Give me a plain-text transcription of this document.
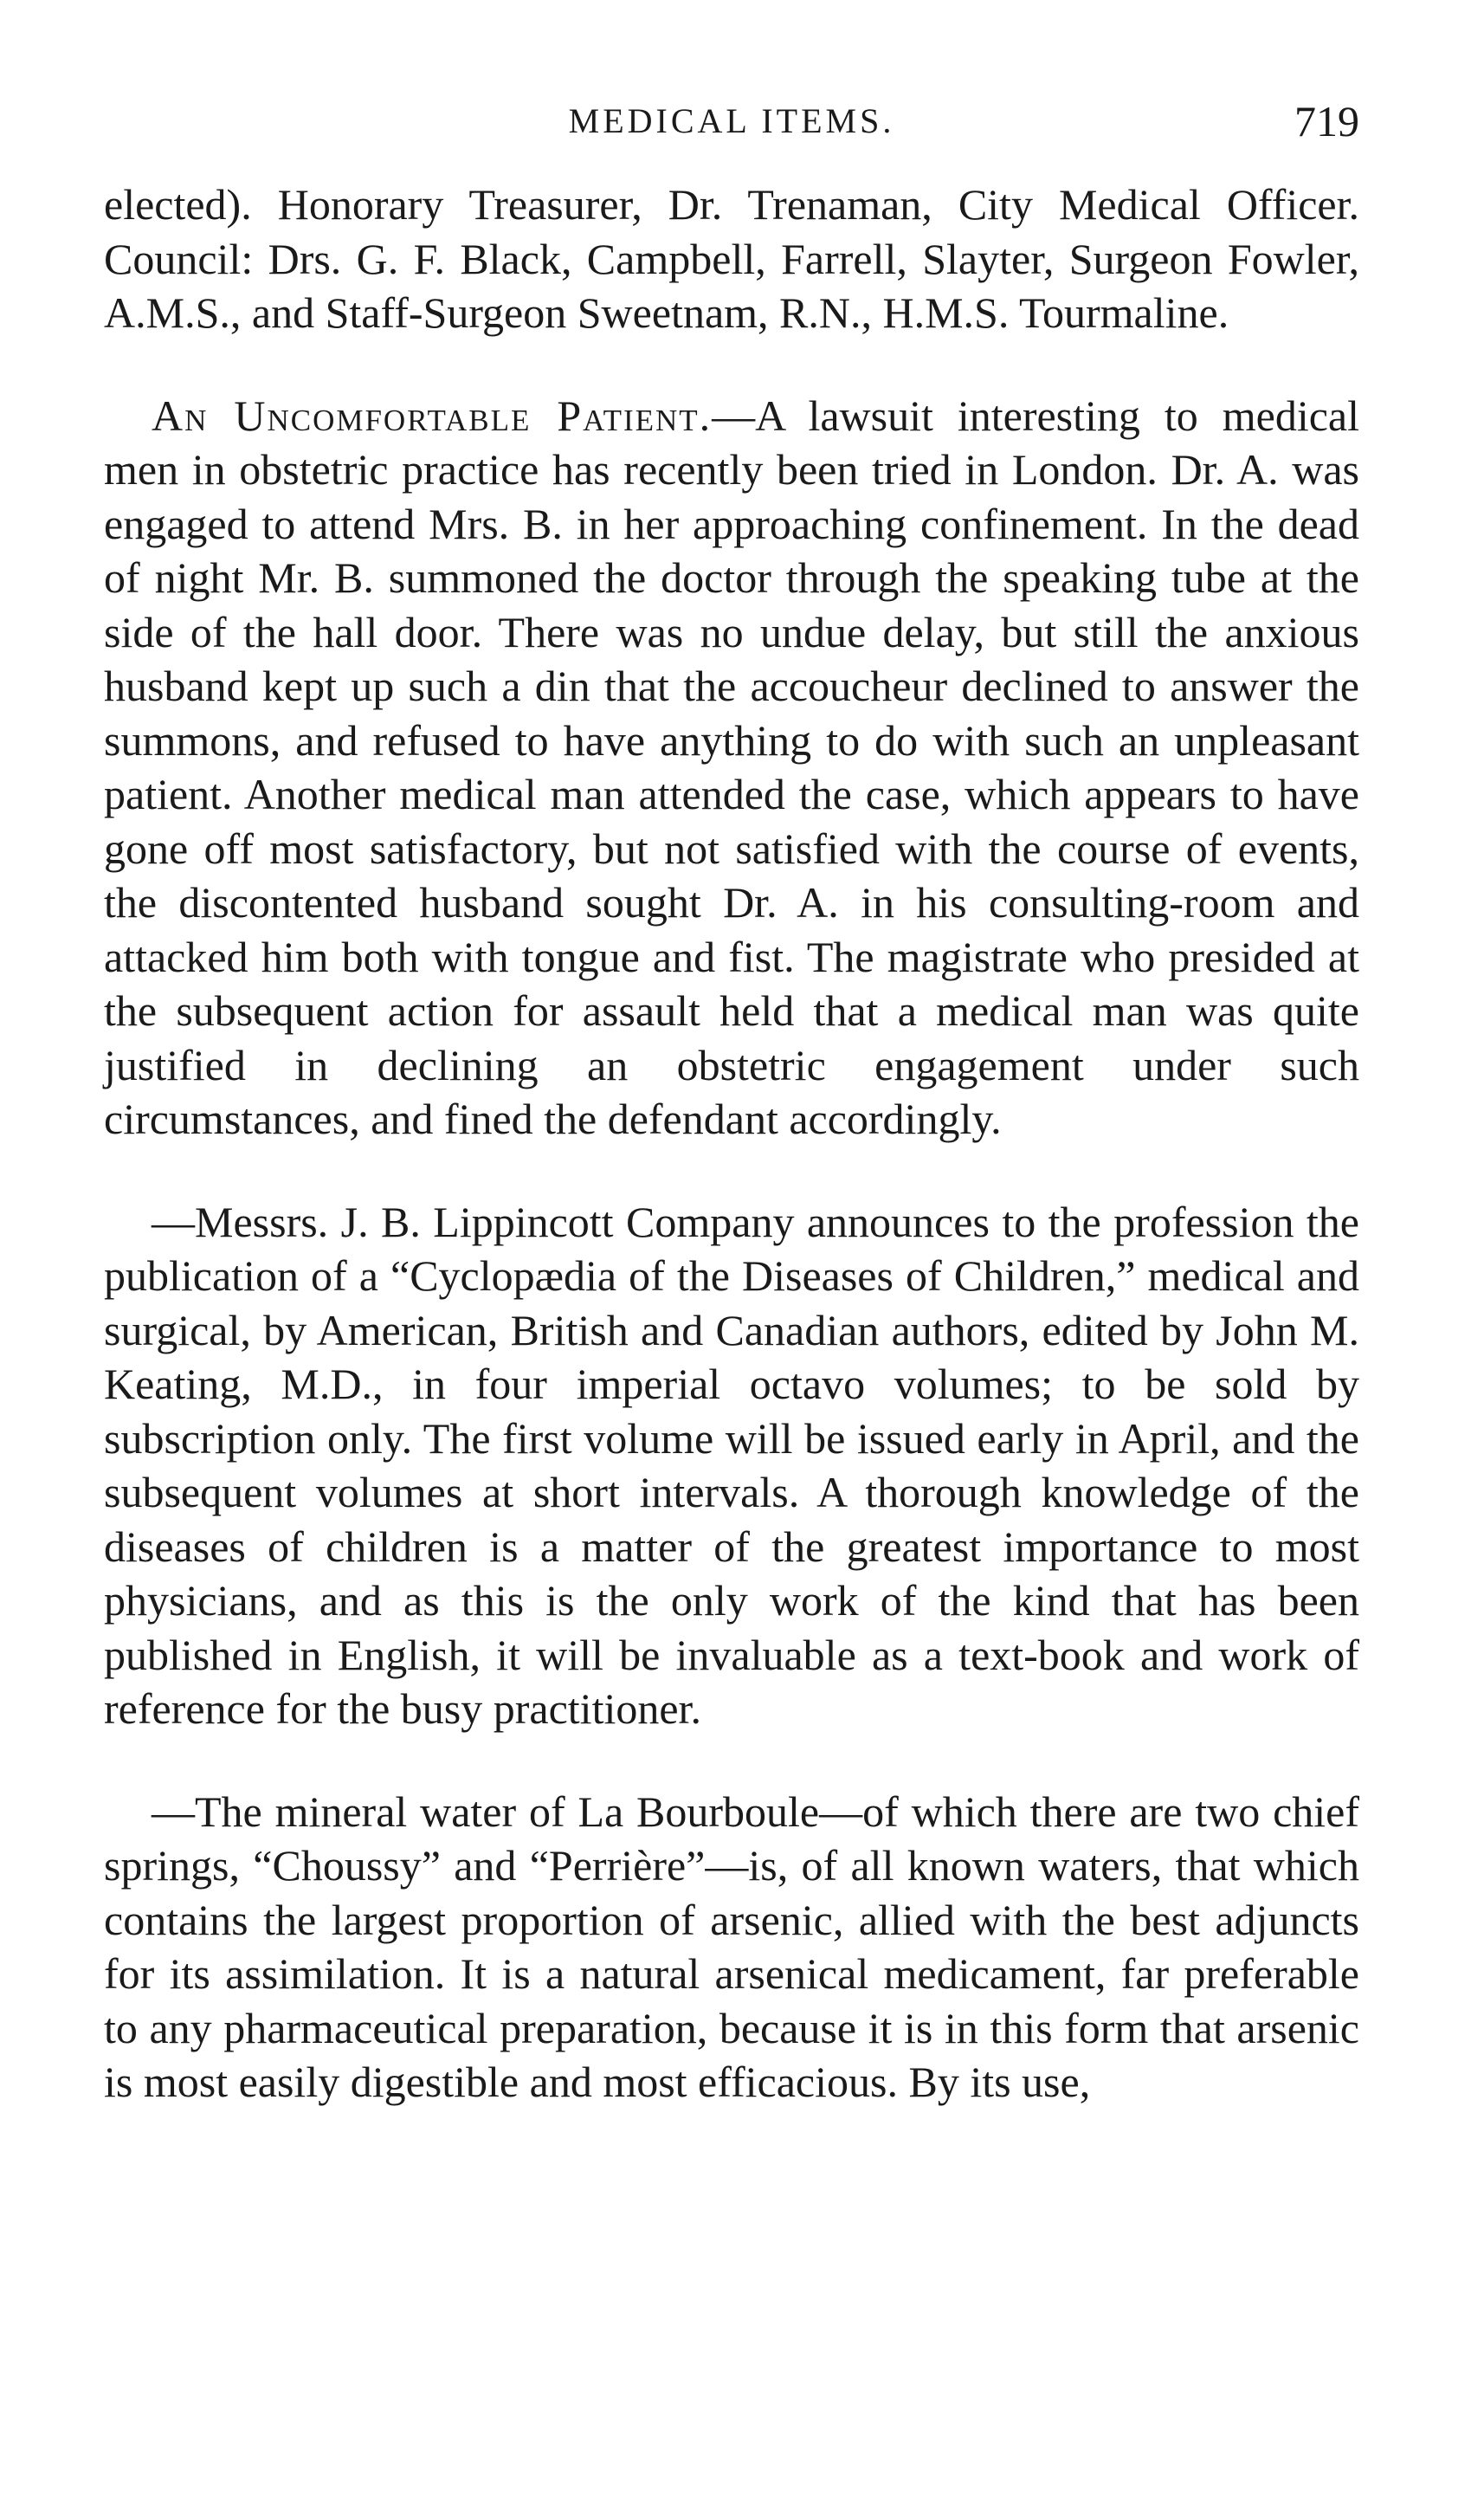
MEDICAL ITEMS.	719

elected). Honorary Treasurer, Dr. Trenaman, City Medical Officer. Council: Drs. G. F. Black, Campbell, Farrell, Slayter, Surgeon Fowler, A.M.S., and Staff-Surgeon Sweetnam, R.N., H.M.S. Tourmaline.

An Uncomfortable Patient.—A lawsuit interesting to medical men in obstetric practice has recently been tried in London. Dr. A. was engaged to attend Mrs. B. in her approaching confinement. In the dead of night Mr. B. summoned the doctor through the speaking tube at the side of the hall door. There was no undue delay, but still the anxious husband kept up such a din that the accoucheur declined to answer the summons, and refused to have anything to do with such an unpleasant patient. Another medical man attended the case, which appears to have gone off most satisfactory, but not satisfied with the course of events, the discontented husband sought Dr. A. in his consulting-room and attacked him both with tongue and fist. The magistrate who presided at the subsequent action for assault held that a medical man was quite justified in declining an obstetric engagement under such circumstances, and fined the defendant accordingly.

—Messrs. J. B. Lippincott Company announces to the profession the publication of a “Cyclopædia of the Diseases of Children,” medical and surgical, by American, British and Canadian authors, edited by John M. Keating, M.D., in four imperial octavo volumes; to be sold by subscription only. The first volume will be issued early in April, and the subsequent volumes at short intervals. A thorough knowledge of the diseases of children is a matter of the greatest importance to most physicians, and as this is the only work of the kind that has been published in English, it will be invaluable as a text-book and work of reference for the busy practitioner.

—The mineral water of La Bourboule—of which there are two chief springs, “Choussy” and “Perrière”—is, of all known waters, that which contains the largest proportion of arsenic, allied with the best adjuncts for its assimilation. It is a natural arsenical medicament, far preferable to any pharmaceutical preparation, because it is in this form that arsenic is most easily digestible and most efficacious. By its use,
